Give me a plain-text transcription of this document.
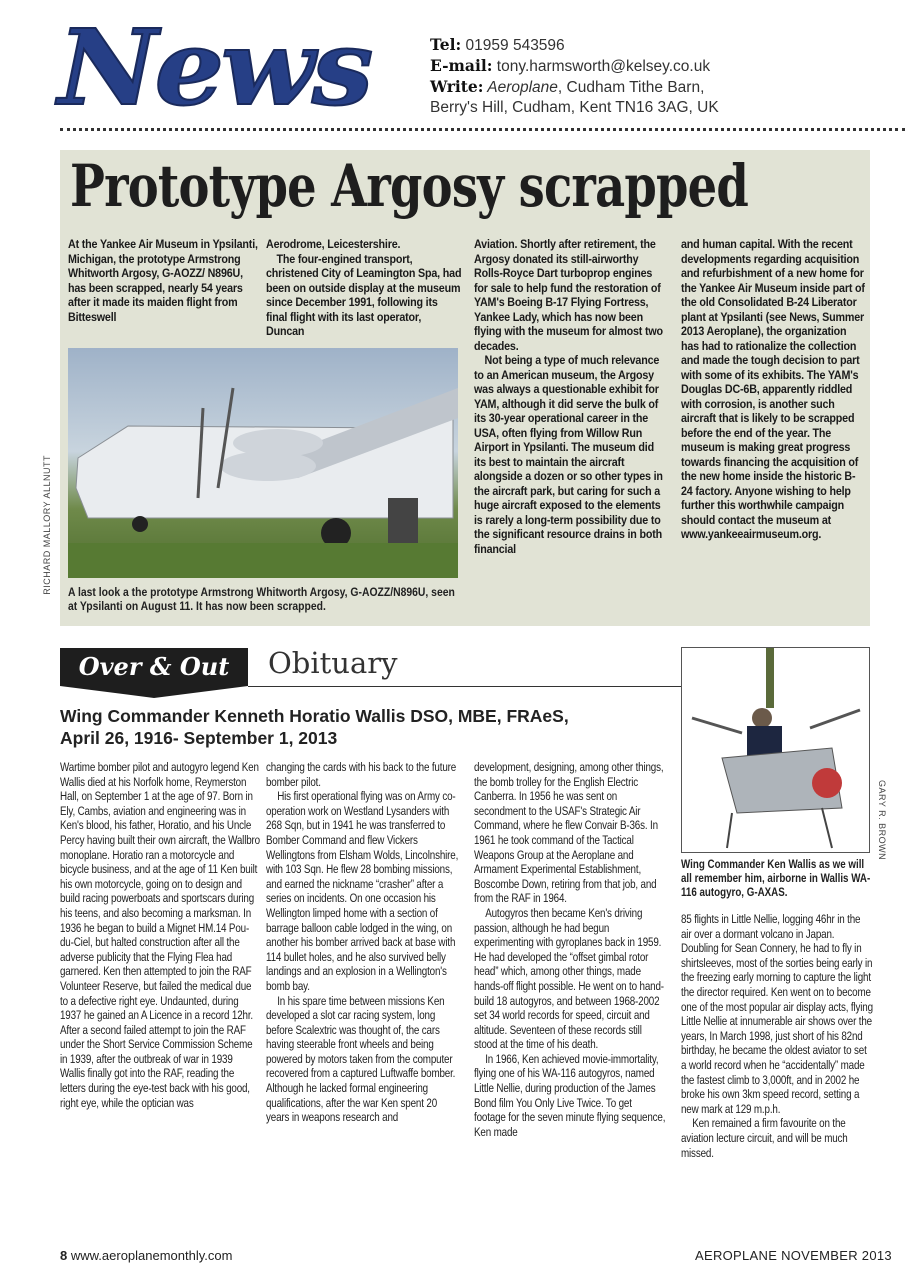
News	Tel: 01959 543596
E-mail: tony.harmsworth@kelsey.co.uk
Write: Aeroplane, Cudham Tithe Barn,
Berry's Hill, Cudham, Kent TN16 3AG, UK
Prototype Argosy scrapped

At the Yankee Air Museum in Ypsilanti, Michigan, the prototype Armstrong Whitworth Argosy, G-AOZZ/ N896U, has been scrapped, nearly 54 years after it made its maiden flight from Bitteswell

Aerodrome, Leicestershire.

The four-engined transport, christened City of Leamington Spa, had been on outside display at the museum since December 1991, following its final flight with its last operator, Duncan

Aviation. Shortly after retirement, the Argosy donated its still-airworthy Rolls-Royce Dart turboprop engines for sale to help fund the restoration of YAM's Boeing B-17 Flying Fortress, Yankee Lady, which has now been flying with the museum for almost two decades.

Not being a type of much relevance to an American museum, the Argosy was always a questionable exhibit for YAM, although it did serve the bulk of its 30-year operational career in the USA, often flying from Willow Run Airport in Ypsilanti. The museum did its best to maintain the aircraft alongside a dozen or so other types in the aircraft park, but caring for such a huge aircraft exposed to the elements is rarely a long-term possibility due to the significant resource drains in both financial

and human capital. With the recent developments regarding acquisition and refurbishment of a new home for the Yankee Air Museum inside part of the old Consolidated B-24 Liberator plant at Ypsilanti (see News, Summer 2013 Aeroplane), the organization has had to rationalize the collection and made the tough decision to part with some of its exhibits. The YAM's Douglas DC-6B, apparently riddled with corrosion, is another such aircraft that is likely to be scrapped before the end of the year. The museum is making great progress towards financing the acquisition of the new home inside the historic B-24 factory. Anyone wishing to help further this worthwhile campaign should contact the museum at www.yankeeairmuseum.org.

RICHARD MALLORY ALLNUTT A last look a the prototype Armstrong Whitworth Argosy, G-AOZZ/N896U, seen at Ypsilanti on August 11. It has now been scrapped.
Over & Out	Obituary
Wing Commander Kenneth Horatio Wallis DSO, MBE, FRAeS,
April 26, 1916- September 1, 2013

Wartime bomber pilot and autogyro legend Ken Wallis died at his Norfolk home, Reymerston Hall, on September 1 at the age of 97. Born in Ely, Cambs, aviation and engineering was in Ken's blood, his father, Horatio, and his Uncle Percy having built their own aircraft, the Wallbro monoplane. Horatio ran a motorcycle and bicycle business, and at the age of 11 Ken built his own motorcycle, going on to design and build racing powerboats and sportscars during his teens, and also becoming a marksman. In 1936 he began to build a Mignet HM.14 Pou-du-Ciel, but halted construction after all the adverse publicity that the Flying Flea had garnered. Ken then attempted to join the RAF Volunteer Reserve, but failed the medical due to a defective right eye. Undaunted, during 1937 he gained an A Licence in a record 12hr. After a second failed attempt to join the RAF under the Short Service Commission Scheme in 1939, after the outbreak of war in 1939 Wallis finally got into the RAF, reading the letters during the eye-test back with his good, right eye, while the optician was

changing the cards with his back to the future bomber pilot.

His first operational flying was on Army co-operation work on Westland Lysanders with 268 Sqn, but in 1941 he was transferred to Bomber Command and flew Vickers Wellingtons from Elsham Wolds, Lincolnshire, with 103 Sqn. He flew 28 bombing missions, and earned the nickname “crasher” after a series on incidents. On one occasion his Wellington limped home with a section of barrage balloon cable lodged in the wing, on another his bomber arrived back at base with 114 bullet holes, and he also survived belly landings and an explosion in a Wellington's bomb bay.

In his spare time between missions Ken developed a slot car racing system, long before Scalextric was thought of, the cars having steerable front wheels and being powered by motors taken from the computer recovered from a captured Luftwaffe bomber. Although he lacked formal engineering qualifications, after the war Ken spent 20 years in weapons research and

development, designing, among other things, the bomb trolley for the English Electric Canberra. In 1956 he was sent on secondment to the USAF's Strategic Air Command, where he flew Convair B-36s. In 1961 he took command of the Tactical Weapons Group at the Aeroplane and Armament Experimental Establishment, Boscombe Down, retiring from that job, and from the RAF in 1964.

Autogyros then became Ken's driving passion, although he had begun experimenting with gyroplanes back in 1959. He had developed the “offset gimbal rotor head” which, among other things, made hands-off flight possible. He went on to hand-build 18 autogyros, and between 1968-2002 set 34 world records for speed, circuit and altitude. Seventeen of these records still stood at the time of his death.

In 1966, Ken achieved movie-immortality, flying one of his WA-116 autogyros, named Little Nellie, during production of the James Bond film You Only Live Twice. To get footage for the seven minute flying sequence, Ken made

85 flights in Little Nellie, logging 46hr in the air over a dormant volcano in Japan. Doubling for Sean Connery, he had to fly in shirtsleeves, most of the sorties being early in the freezing early morning to capture the light the director required. Ken went on to become one of the most popular air display acts, flying Little Nellie at innumerable air shows over the years, In March 1998, just short of his 82nd birthday, he became the oldest aviator to set a world record when he “accidentally” made the fastest climb to 3,000ft, and in 2002 he broke his own 3km speed record, setting a new mark at 129 m.p.h.

Ken remained a firm favourite on the aviation lecture circuit, and will be much missed.

GARY R. BROWN
Wing Commander Ken Wallis as we will all remember him, airborne in Wallis WA-116 autogyro, G-AXAS.
8 www.aeroplanemonthly.com	AEROPLANE NOVEMBER 2013
